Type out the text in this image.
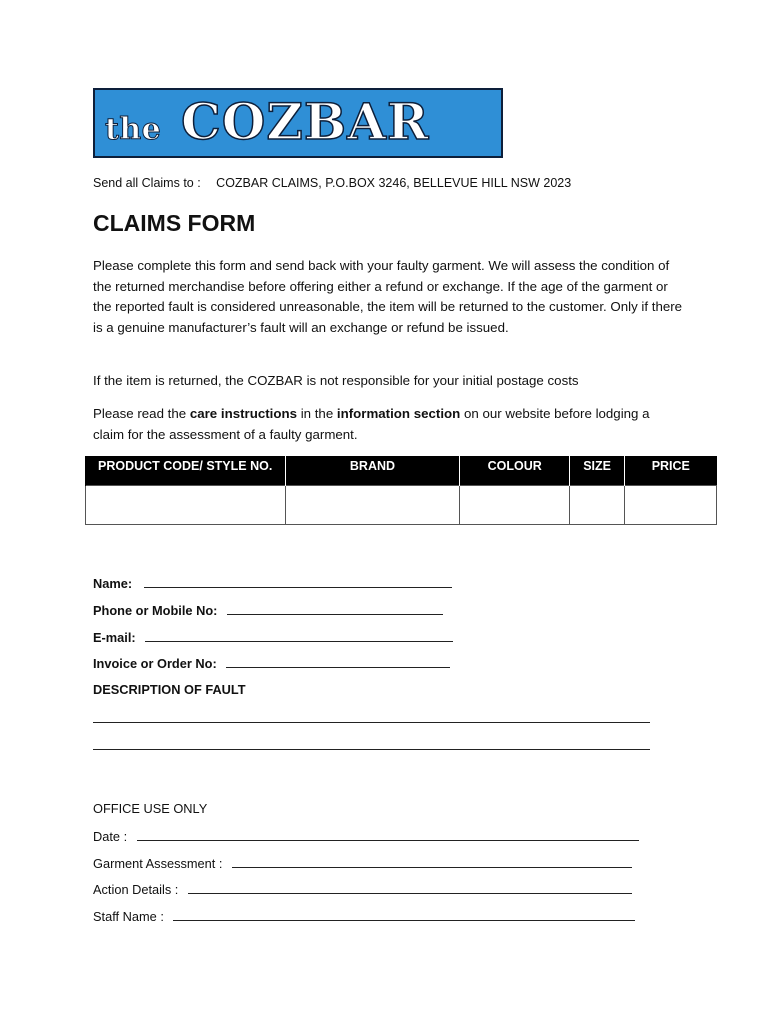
the COZBAR
Send all Claims to : COZBAR CLAIMS, P.O.BOX 3246, BELLEVUE HILL NSW 2023
CLAIMS FORM

Please complete this form and send back with your faulty garment. We will assess the condition of the returned merchandise before offering either a refund or exchange. If the age of the garment or the reported fault is considered unreasonable, the item will be returned to the customer. Only if there is a genuine manufacturer’s fault will an exchange or refund be issued.

If the item is returned, the COZBAR is not responsible for your initial postage costs

Please read the care instructions in the information section on our website before lodging a claim for the assessment of a faulty garment.

PRODUCT CODE/ STYLE NO.	BRAND	COLOUR	SIZE	PRICE

Name:
Phone or Mobile No:
E-mail:
Invoice or Order No:
DESCRIPTION OF FAULT
OFFICE USE ONLY
Date :
Garment Assessment :
Action Details :
Staff Name :
